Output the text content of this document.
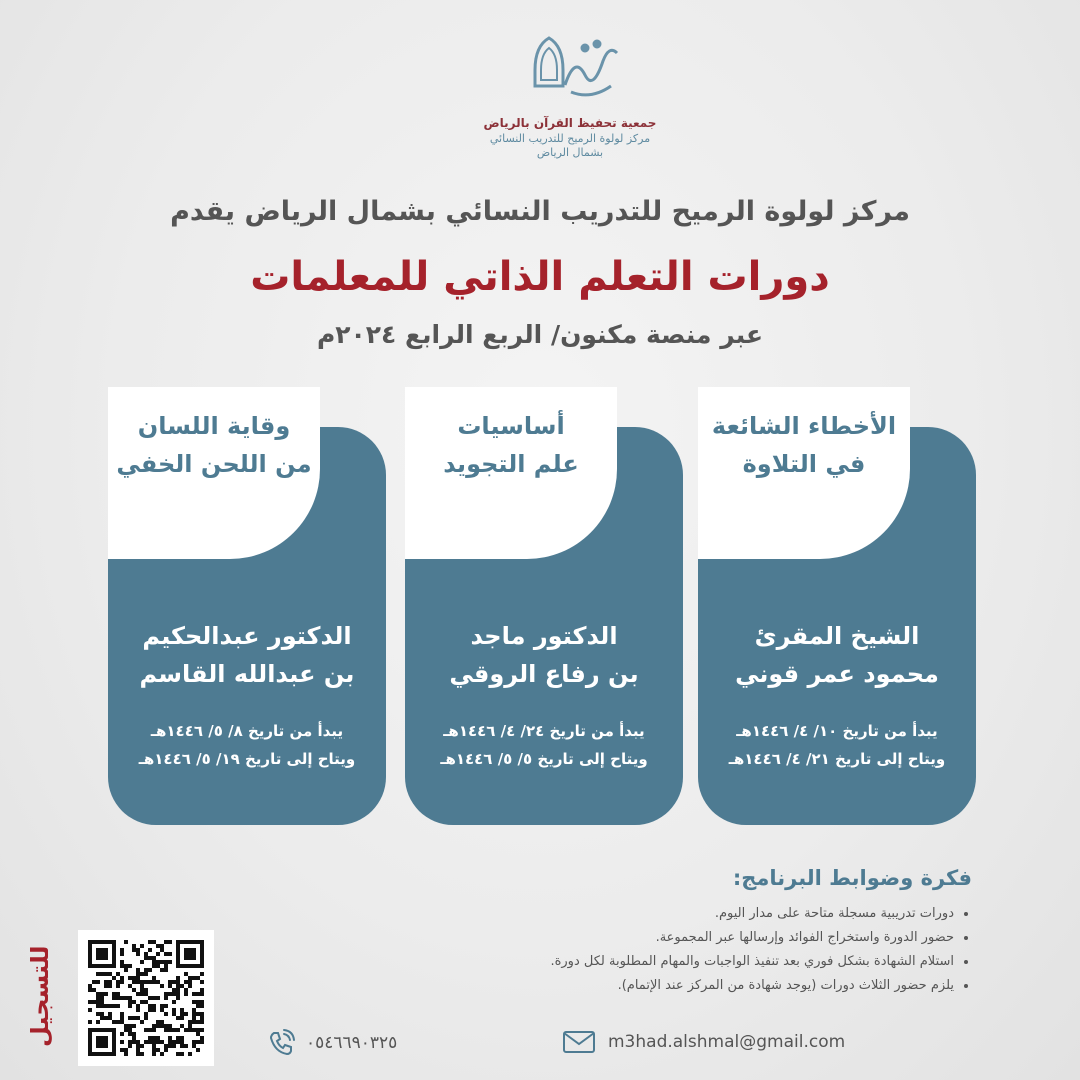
جمعية تحفيظ القرآن بالرياض
مركز لولوة الرميح للتدريب النسائي
بشمال الرياض
مركز لولوة الرميح للتدريب النسائي بشمال الرياض يقدم
دورات التعلم الذاتي للمعلمات
عبر منصة مكنون/ الربع الرابع ٢٠٢٤م
الأخطاء الشائعة
في التلاوة
الشيخ المقرئ
محمود عمر قوني
يبدأ من تاريخ ١٠/ ٤/ ١٤٤٦هـ
ويتاح إلى تاريخ ٢١/ ٤/ ١٤٤٦هـ
أساسيات
علم التجويد
الدكتور ماجد
بن رفاع الروقي
يبدأ من تاريخ ٢٤/ ٤/ ١٤٤٦هـ
ويتاح إلى تاريخ ٥/ ٥/ ١٤٤٦هـ
وقاية اللسان
من اللحن الخفي
الدكتور عبدالحكيم
بن عبدالله القاسم
يبدأ من تاريخ ٨/ ٥/ ١٤٤٦هـ
ويتاح إلى تاريخ ١٩/ ٥/ ١٤٤٦هـ
فكرة وضوابط البرنامج:
• دورات تدريبية مسجلة متاحة على مدار اليوم.
• حضور الدورة واستخراج الفوائد وإرسالها عبر المجموعة.
• استلام الشهادة بشكل فوري بعد تنفيذ الواجبات والمهام المطلوبة لكل دورة.
• يلزم حضور الثلاث دورات (يوجد شهادة من المركز عند الإتمام).
للتسجيل	٠٥٤٦٦٩٠٣٢٥	m3had.alshmal@gmail.com
